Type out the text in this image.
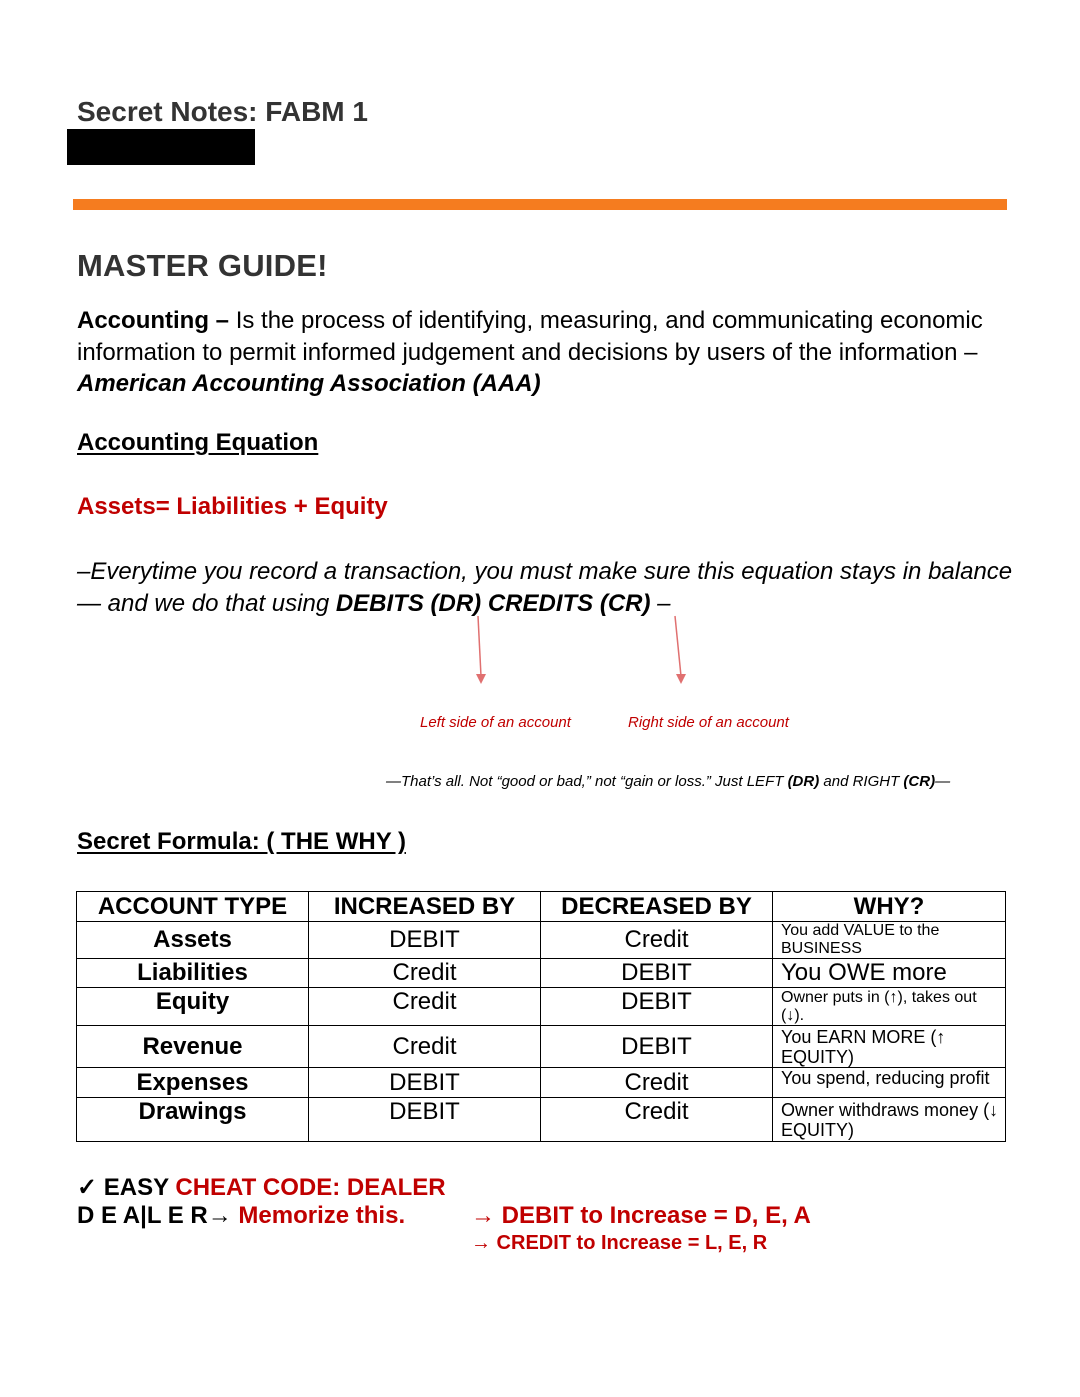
Secret Notes: FABM 1
MASTER GUIDE!
Accounting – Is the process of identifying, measuring, and communicating economic information to permit informed judgement and decisions by users of the information – American Accounting Association (AAA)
Accounting Equation
Assets= Liabilities + Equity
–Everytime you record a transaction, you must make sure this equation stays in balance — and we do that using DEBITS (DR) CREDITS (CR) –
Left side of an account	Right side of an account
—That’s all. Not “good or bad,” not “gain or loss.” Just LEFT (DR) and RIGHT (CR)—
Secret Formula: ( THE WHY )
ACCOUNT TYPE	INCREASED BY	DECREASED BY	WHY?
Assets	DEBIT	Credit	You add VALUE to the BUSINESS
Liabilities	Credit	DEBIT	You OWE more
Equity	Credit	DEBIT	Owner puts in (↑), takes out (↓).
Revenue	Credit	DEBIT	You EARN MORE (↑ EQUITY)
Expenses	DEBIT	Credit	You spend, reducing profit
Drawings	DEBIT	Credit	Owner withdraws money (↓ EQUITY)
✓ EASY CHEAT CODE: DEALER
D E A|L E R→ Memorize this.	→ DEBIT to Increase = D, E, A
→ CREDIT to Increase = L, E, R
